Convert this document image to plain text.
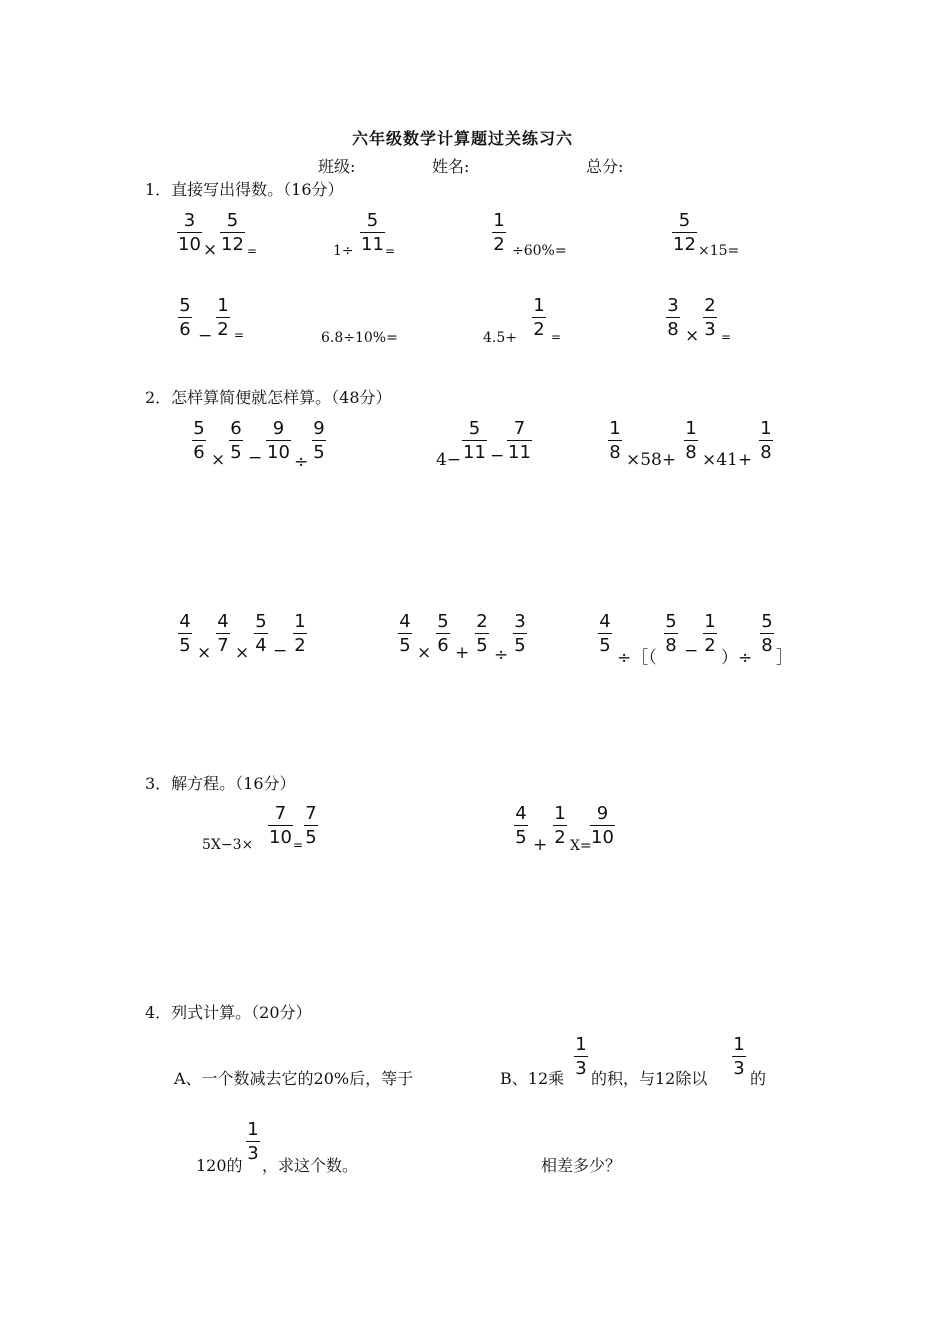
六年级数学计算题过关练习六
班级:	姓名:	总分:
1．直接写出得数。（16分）
3
10 ×
5
12 =	1÷
5
11 =
1
2 ÷60%=
5
12 ×15=
5
6 −
1
2 =	6.8÷10%=	4.5+
1
2 =
3
8 ×
2
3 =
2．怎样算简便就怎样算。（48分）
5
6 ×
6
5 −
9
10 ÷
9
5	4−
5
11 −
7
11
1
8 ×58+
1
8 ×41+
1
8
4
5 ×
4
7 ×
5
4 −
1
2
4
5 ×
5
6 +
2
5 ÷
3
5
4
5
÷［（
5
8 −
1
2
）÷
5
8
］
3．解方程。（16分）
5X−3×
7
10 =
7
5
4
5 +
1
2 X=
9
10
4．列式计算。（20分）
A、一个数减去它的20%后，等于
120的
1
3
，求这个数。
B、12乘
1
3 的积，与12除以
1
3 的
相差多少？
